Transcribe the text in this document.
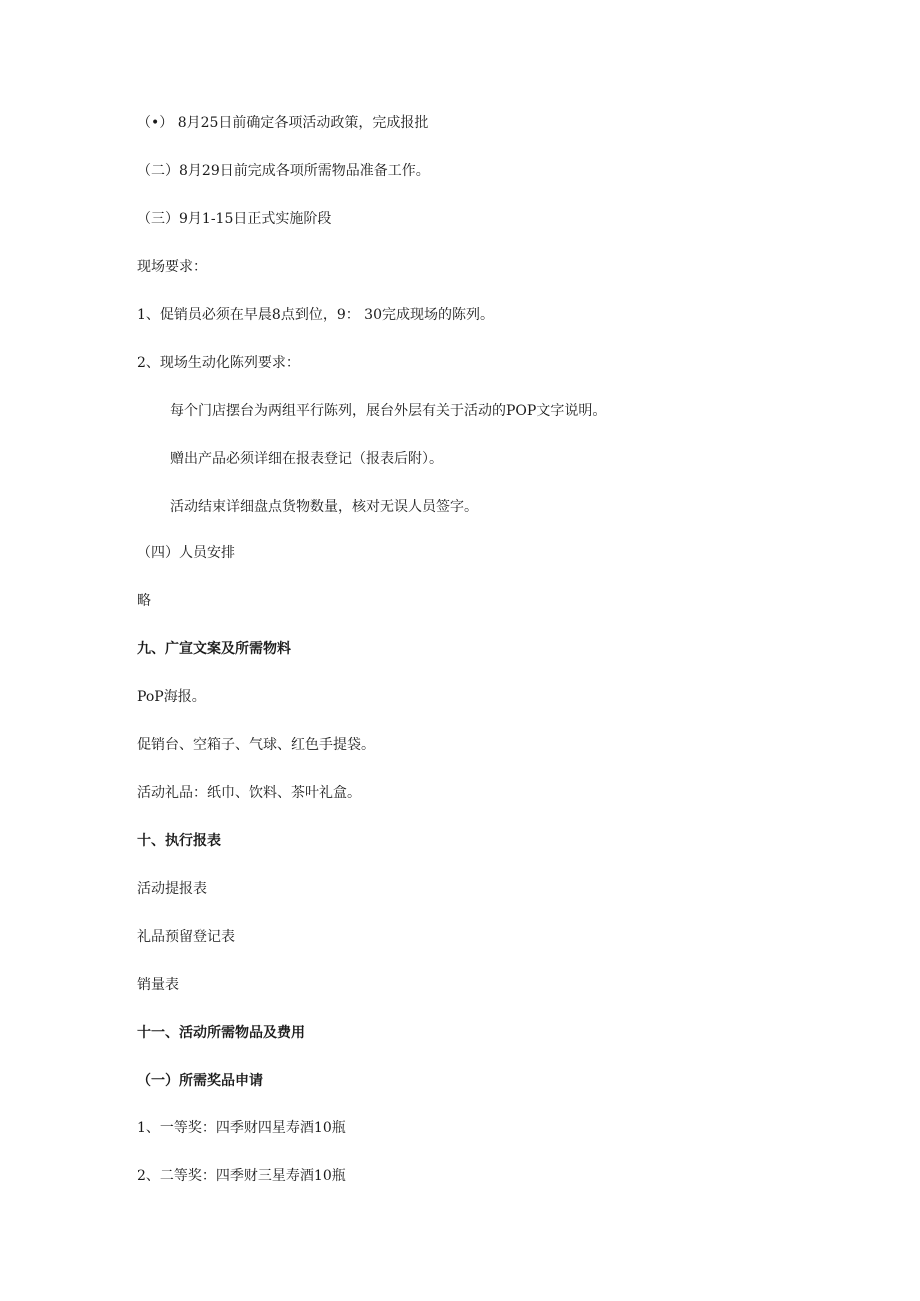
（•） 8月25日前确定各项活动政策，完成报批
（二）8月29日前完成各项所需物品准备工作。
（三）9月1-15日正式实施阶段
现场要求：
1、促销员必须在早晨8点到位，9： 30完成现场的陈列。
2、现场生动化陈列要求：
每个门店摆台为两组平行陈列，展台外层有关于活动的POP文字说明。
赠出产品必须详细在报表登记（报表后附）。
活动结束详细盘点货物数量，核对无误人员签字。
（四）人员安排
略
九、广宣文案及所需物料
PoP海报。
促销台、空箱子、气球、红色手提袋。
活动礼品：纸巾、饮料、茶叶礼盒。
十、执行报表
活动提报表
礼品预留登记表
销量表
十一、活动所需物品及费用
（一）所需奖品申请
1、一等奖：四季财四星寿酒10瓶
2、二等奖：四季财三星寿酒10瓶
